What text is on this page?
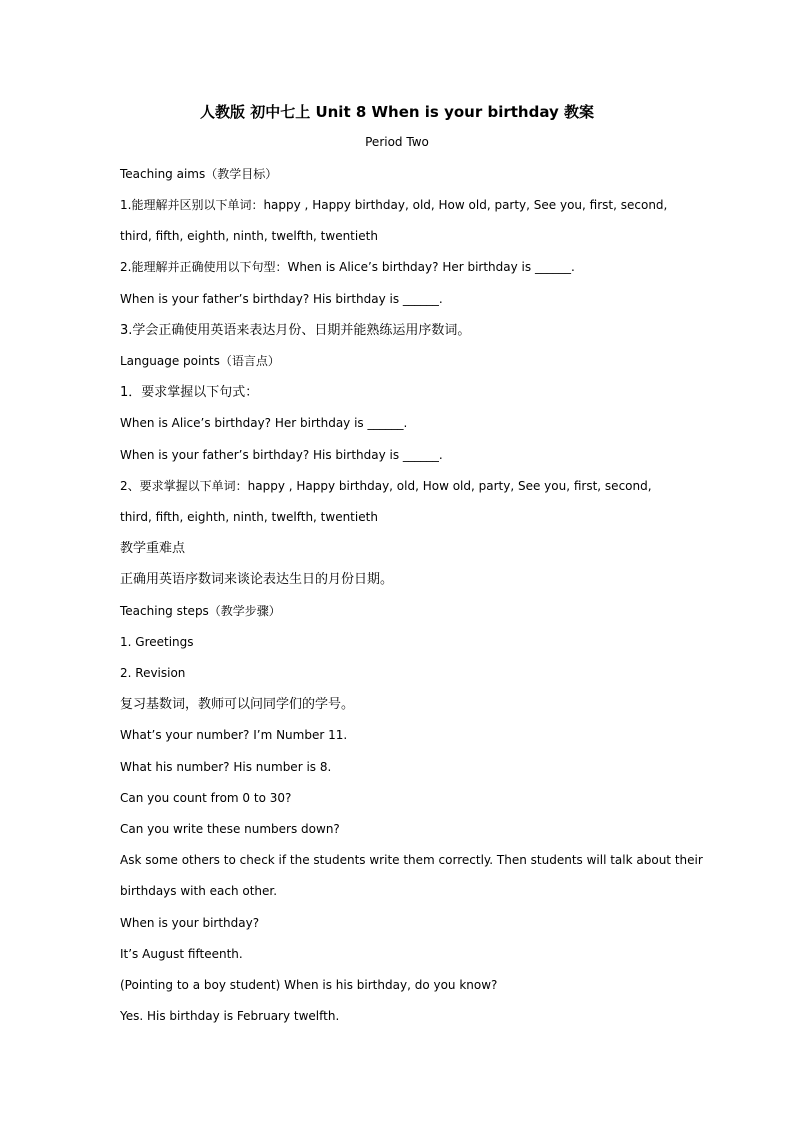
人教版 初中七上 Unit 8 When is your birthday 教案
Period Two
Teaching aims（教学目标）
1.能理解并区别以下单词：happy , Happy birthday, old, How old, party, See you, first, second,
third, fifth, eighth, ninth, twelfth, twentieth
2.能理解并正确使用以下句型：When is Alice’s birthday? Her birthday is ______.
When is your father’s birthday? His birthday is ______.
3.学会正确使用英语来表达月份、日期并能熟练运用序数词。
Language points（语言点）
1．要求掌握以下句式：
When is Alice’s birthday? Her birthday is ______.
When is your father’s birthday? His birthday is ______.
2、要求掌握以下单词：happy , Happy birthday, old, How old, party, See you, first, second,
third, fifth, eighth, ninth, twelfth, twentieth
教学重难点
正确用英语序数词来谈论表达生日的月份日期。
Teaching steps（教学步骤）
1. Greetings
2. Revision
复习基数词，教师可以问同学们的学号。
What’s your number? I’m Number 11.
What his number? His number is 8.
Can you count from 0 to 30?
Can you write these numbers down?
Ask some others to check if the students write them correctly. Then students will talk about their
birthdays with each other.
When is your birthday?
It’s August fifteenth.
(Pointing to a boy student) When is his birthday, do you know?
Yes. His birthday is February twelfth.
